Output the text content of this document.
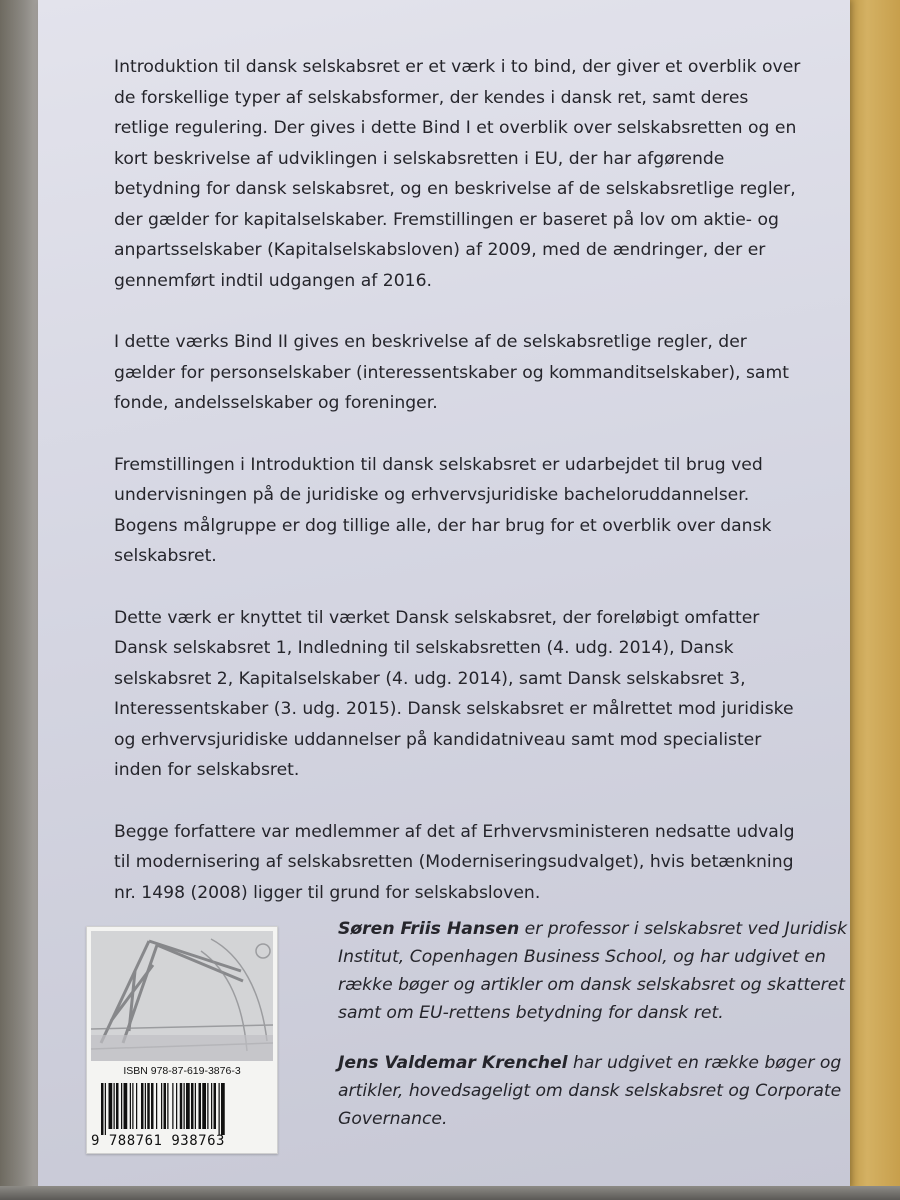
Introduktion til dansk selskabsret er et værk i to bind, der giver et overblik over de forskellige typer af selskabsformer, der kendes i dansk ret, samt deres retlige regulering. Der gives i dette Bind I et overblik over selskabsretten og en kort beskrivelse af udviklingen i selskabsretten i EU, der har afgørende betydning for dansk selskabsret, og en beskrivelse af de selskabsretlige regler, der gælder for kapitalselskaber. Fremstillingen er baseret på lov om aktie- og anpartsselskaber (Kapitalselskabsloven) af 2009, med de ændringer, der er gennemført indtil udgangen af 2016.

I dette værks Bind II gives en beskrivelse af de selskabsretlige regler, der gælder for personselskaber (interessentskaber og kommanditselskaber), samt fonde, andelsselskaber og foreninger.

Fremstillingen i Introduktion til dansk selskabsret er udarbejdet til brug ved undervisningen på de juridiske og erhvervsjuridiske bacheloruddannelser. Bogens målgruppe er dog tillige alle, der har brug for et overblik over dansk selskabsret.

Dette værk er knyttet til værket Dansk selskabsret, der foreløbigt omfatter Dansk selskabsret 1, Indledning til selskabsretten (4. udg. 2014), Dansk selskabsret 2, Kapitalselskaber (4. udg. 2014), samt Dansk selskabsret 3, Interessentskaber (3. udg. 2015). Dansk selskabsret er målrettet mod juridiske og erhvervsjuridiske uddannelser på kandidatniveau samt mod specialister inden for selskabsret.

Begge forfattere var medlemmer af det af Erhvervsministeren nedsatte udvalg til modernisering af selskabsretten (Moderniseringsudvalget), hvis betænkning nr. 1498 (2008) ligger til grund for selskabsloven.

Søren Friis Hansen er professor i selskabsret ved Juridisk Institut, Copenhagen Business School, og har udgivet en række bøger og artikler om dansk selskabsret og skatteret samt om EU-rettens betydning for dansk ret.

Jens Valdemar Krenchel har udgivet en række bøger og artikler, hovedsageligt om dansk selskabsret og Corporate Governance.

ISBN 978-87-619-3876-3
9 788761 938763
